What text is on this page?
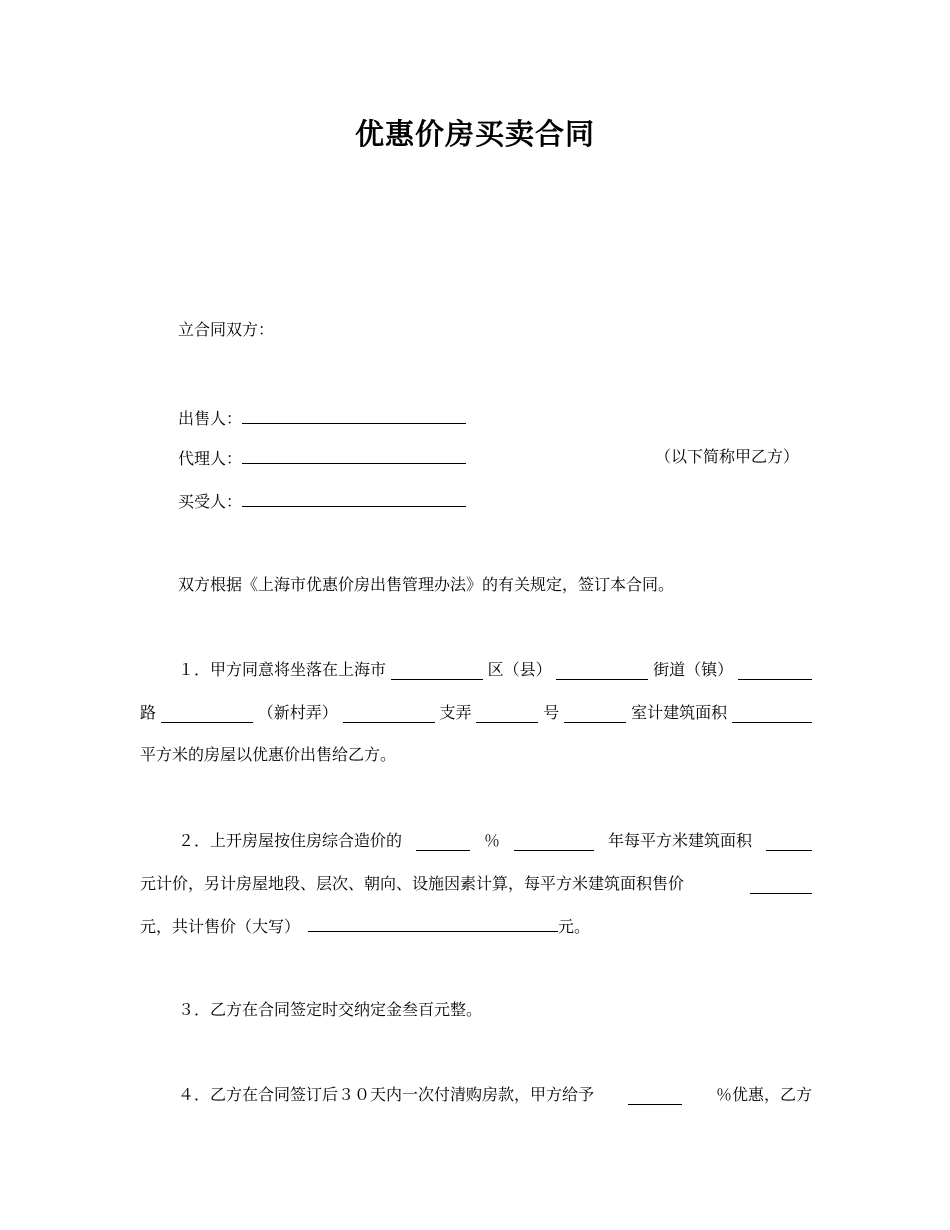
优惠价房买卖合同
立合同双方：
出售人：
代理人：	（以下简称甲乙方）
买受人：
双方根据《上海市优惠价房出售管理办法》的有关规定，签订本合同。
１．甲方同意将坐落在上海市	区（县）	街道（镇）
路	（新村弄）	支弄	号	室计建筑面积
平方米的房屋以优惠价出售给乙方。
２．上开房屋按住房综合造价的	％	年每平方米建筑面积
元计价，另计房屋地段、层次、朝向、设施因素计算，每平方米建筑面积售价
元，共计售价（大写）	元。
３．乙方在合同签定时交纳定金叁百元整。
４．乙方在合同签订后３０天内一次付清购房款，甲方给予	％优惠，乙方
